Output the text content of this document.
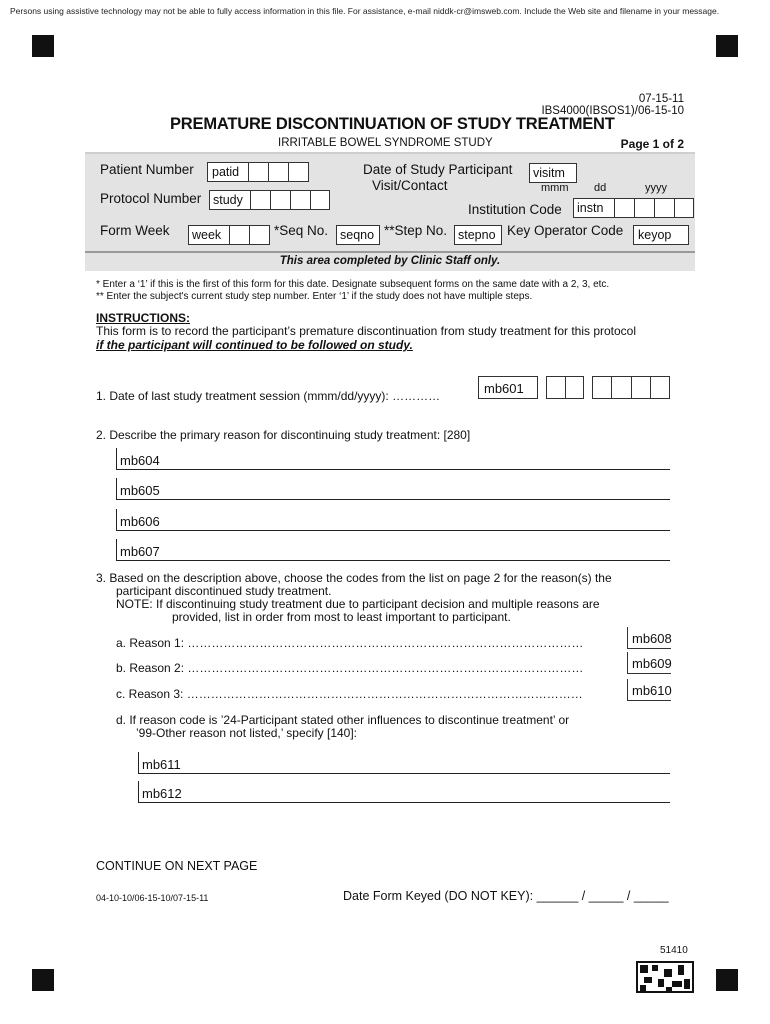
Persons using assistive technology may not be able to fully access information in this file. For assistance, e-mail niddk-cr@imsweb.com. Include the Web site and filename in your message.
07-15-11
IBS4000(IBSOS1)/06-15-10
PREMATURE DISCONTINUATION OF STUDY TREATMENT
IRRITABLE BOWEL SYNDROME STUDY	Page 1 of 2
Patient Number patid
Protocol Number study
Form Week week	*Seq No. seqno **Step No. stepno Key Operator Code keyop
Date of Study Participant
Visit/Contact
visitm
mmm dd	yyyy
Institution Code instn
This area completed by Clinic Staff only.
* Enter a ‘1’ if this is the first of this form for this date. Designate subsequent forms on the same date with a 2, 3, etc.
** Enter the subject's current study step number. Enter ‘1’ if the study does not have multiple steps.
INSTRUCTIONS:
This form is to record the participant’s premature discontinuation from study treatment for this protocol
if the participant will continued to be followed on study.
1. Date of last study treatment session (mmm/dd/yyyy): …………	mb601
2. Describe the primary reason for discontinuing study treatment: [280]
mb604
mb605
mb606
mb607
3. Based on the description above, choose the codes from the list on page 2 for the reason(s) the
participant discontinued study treatment.
NOTE: If discontinuing study treatment due to participant decision and multiple reasons are
provided, list in order from most to least important to participant.
a. Reason 1: ………………………………………………………………………………………	mb608
b. Reason 2: ………………………………………………………………………………………	mb609
c. Reason 3: ………………………………………………………………………………………	mb610
d. If reason code is ’24-Participant stated other influences to discontinue treatment’ or
’99-Other reason not listed,’ specify [140]:
mb611
mb612
CONTINUE ON NEXT PAGE
04-10-10/06-15-10/07-15-11	Date Form Keyed (DO NOT KEY): ______ / _____ / _____
51410
